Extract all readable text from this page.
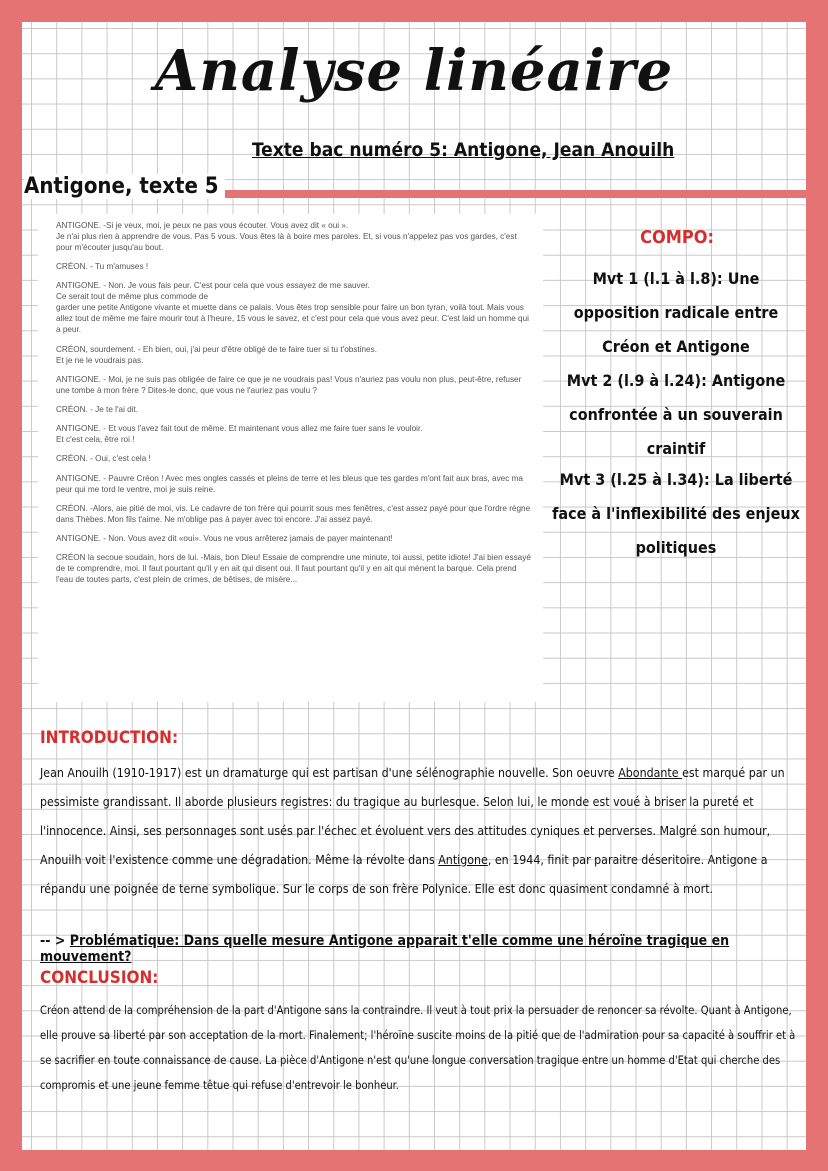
Analyse linéaire
Texte bac numéro 5: Antigone, Jean Anouilh
Antigone, texte 5

ANTIGONE. -Si je veux, moi, je peux ne pas vous écouter. Vous avez dit « oui ».
Je n'ai plus rien à apprendre de vous. Pas 5 vous. Vous êtes là à boire mes paroles. Et, si vous n'appelez pas vos gardes, c'est pour m'écouter jusqu'au bout.

CRÉON. - Tu m'amuses !

ANTIGONE. - Non. Je vous fais peur. C'est pour cela que vous essayez de me sauver.
Ce serait tout de même plus commode de
garder une petite Antigone vivante et muette dans ce palais. Vous êtes trop sensible pour faire un bon tyran, voilà tout. Mais vous allez tout de même me faire mourir tout à l'heure, 15 vous le savez, et c'est pour cela que vous avez peur. C'est laid un homme qui a peur.

CRÉON, sourdement. - Eh bien, oui, j'ai peur d'être obligé de te faire tuer si tu t'obstines.
Et je ne le voudrais pas.

ANTIGONE. - Moi, je ne suis pas obligée de faire ce que je ne voudrais pas! Vous n'auriez pas voulu non plus, peut-être, refuser une tombe à mon frère ? Dites-le donc, que vous ne l'auriez pas voulu ?

CRÉON. - Je te l'ai dit.

ANTIGONE. - Et vous l'avez fait tout de même. Et maintenant vous allez me faire tuer sans le vouloir.
Et c'est cela, être roi !

CRÉON. - Oui, c'est cela !

ANTIGONE. - Pauvre Créon ! Avec mes ongles cassés et pleins de terre et les bleus que tes gardes m'ont fait aux bras, avec ma peur qui me tord le ventre, moi je suis reine.

CRÉON. -Alors, aie pitié de moi, vis. Le cadavre de ton frère qui pourrit sous mes fenêtres, c'est assez payé pour que l'ordre règne dans Thèbes. Mon fils t'aime. Ne m'oblige pas à payer avec toi encore. J'ai assez payé.

ANTIGONE. - Non. Vous avez dit «oui». Vous ne vous arrêterez jamais de payer maintenant!

CRÉON la secoue soudain, hors de lui. -Mais, bon Dieu! Essaie de comprendre une minute, toi aussi, petite idiote! J'ai bien essayé de te comprendre, moi. Il faut pourtant qu'il y en ait qui disent oui. Il faut pourtant qu'il y en ait qui mènent la barque. Cela prend l'eau de toutes parts, c'est plein de crimes, de bêtises, de misère...

COMPO:
Mvt 1 (l.1 à l.8): Une opposition radicale entre Créon et Antigone
Mvt 2 (l.9 à l.24): Antigone confrontée à un souverain craintif
Mvt 3 (l.25 à l.34): La liberté face à l'inflexibilité des enjeux politiques
INTRODUCTION:
Jean Anouilh (1910-1917) est un dramaturge qui est partisan d'une sélénographie nouvelle. Son oeuvre Abondante est marqué par un pessimiste grandissant. Il aborde plusieurs registres: du tragique au burlesque. Selon lui, le monde est voué à briser la pureté et l'innocence. Ainsi, ses personnages sont usés par l'échec et évoluent vers des attitudes cyniques et perverses. Malgré son humour, Anouilh voit l'existence comme une dégradation. Même la révolte dans Antigone, en 1944, finit par paraitre déseritoire. Antigone a répandu une poignée de terne symbolique. Sur le corps de son frère Polynice. Elle est donc quasiment condamné à mort.
-- > Problématique: Dans quelle mesure Antigone apparait t'elle comme une héroïne tragique en mouvement?
CONCLUSION:
Créon attend de la compréhension de la part d'Antigone sans la contraindre. Il veut à tout prix la persuader de renoncer sa révolte. Quant à Antigone, elle prouve sa liberté par son acceptation de la mort. Finalement; l'héroïne suscite moins de la pitié que de l'admiration pour sa capacité à souffrir et à se sacrifier en toute connaissance de cause. La pièce d'Antigone n'est qu'une longue conversation tragique entre un homme d'Etat qui cherche des compromis et une jeune femme têtue qui refuse d'entrevoir le bonheur.
